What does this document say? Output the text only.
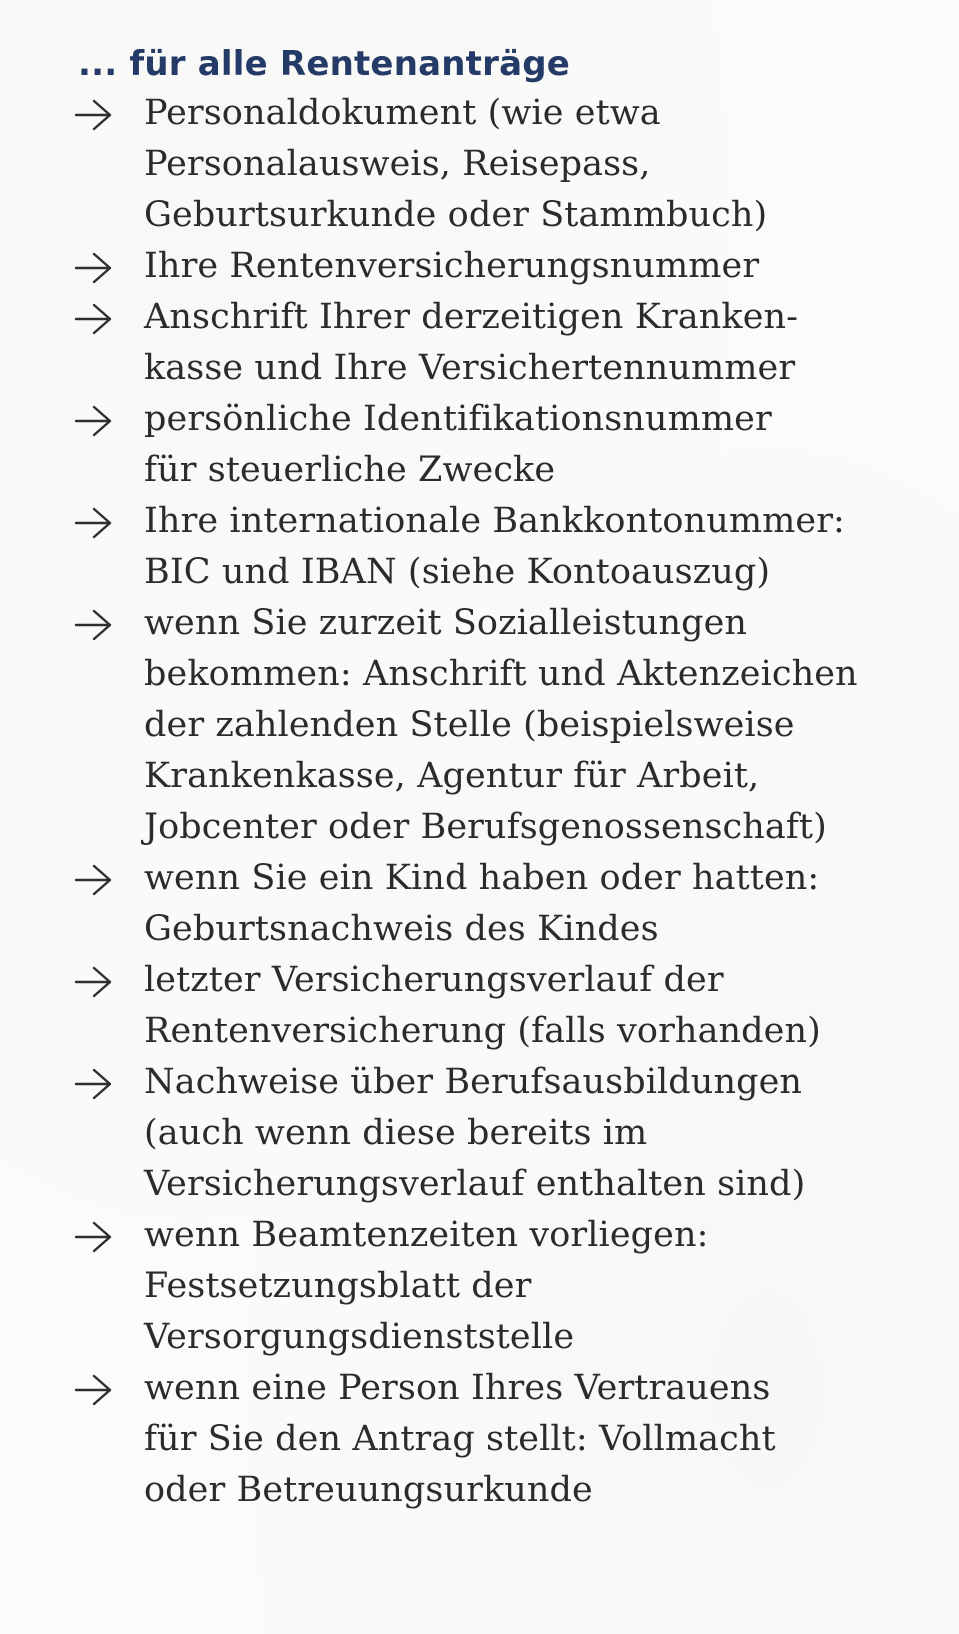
... für alle Rentenanträge
Personaldokument (wie etwa
Personalausweis, Reisepass,
Geburtsurkunde oder Stammbuch)
Ihre Rentenversicherungsnummer
Anschrift Ihrer derzeitigen Kranken-
kasse und Ihre Versichertennummer
persönliche Identifikationsnummer
für steuerliche Zwecke
Ihre internationale Bankkontonummer:
BIC und IBAN (siehe Kontoauszug)
wenn Sie zurzeit Sozialleistungen
bekommen: Anschrift und Aktenzeichen
der zahlenden Stelle (beispielsweise
Krankenkasse, Agentur für Arbeit,
Jobcenter oder Berufsgenossenschaft)
wenn Sie ein Kind haben oder hatten:
Geburtsnachweis des Kindes
letzter Versicherungsverlauf der
Rentenversicherung (falls vorhanden)
Nachweise über Berufsausbildungen
(auch wenn diese bereits im
Versicherungsverlauf enthalten sind)
wenn Beamtenzeiten vorliegen:
Festsetzungsblatt der
Versorgungsdienststelle
wenn eine Person Ihres Vertrauens
für Sie den Antrag stellt: Vollmacht
oder Betreuungsurkunde
